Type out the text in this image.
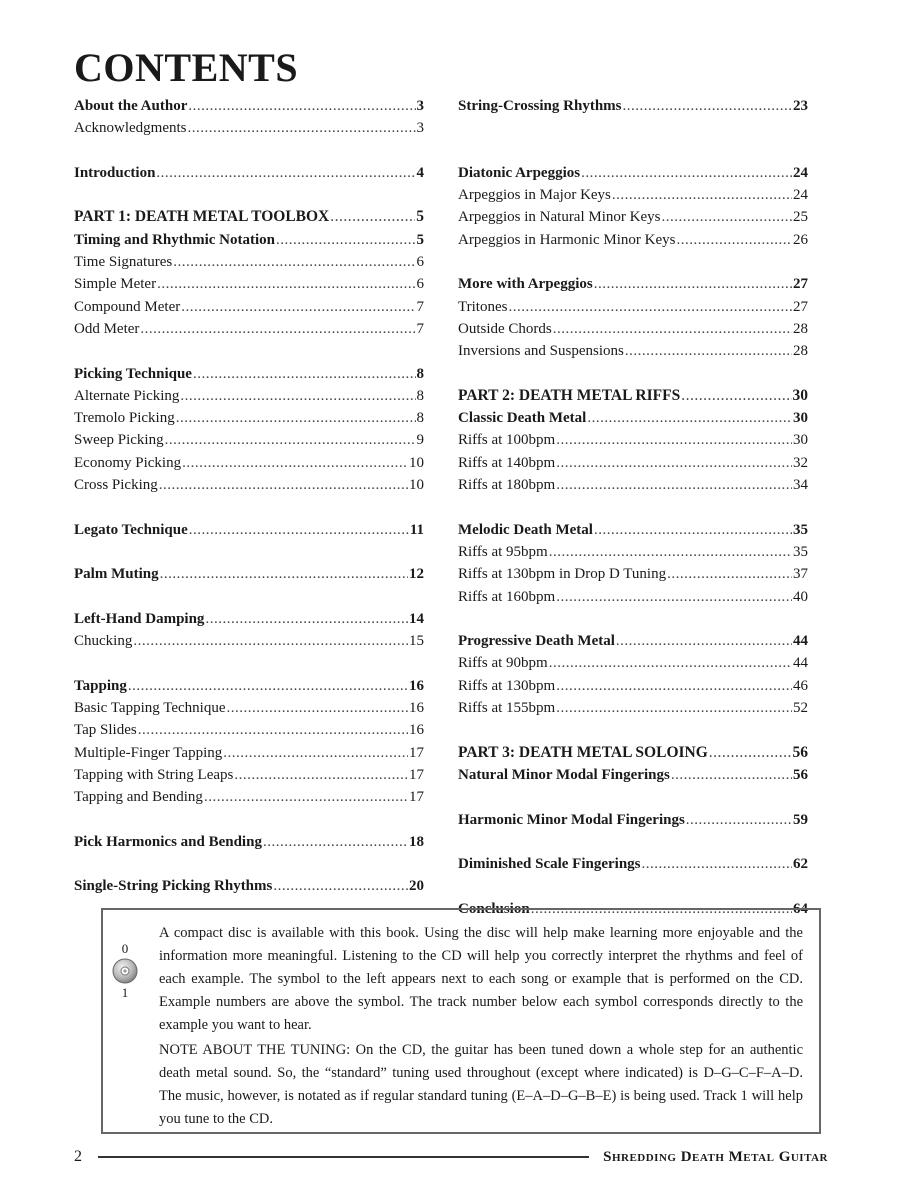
CONTENTS
About the Author .....	3
Acknowledgments .....	3
Introduction .....	4
PART 1: DEATH METAL TOOLBOX .....	5
Timing and Rhythmic Notation .....	5
Time Signatures .....	6
Simple Meter .....	6
Compound Meter .....	7
Odd Meter .....	7
Picking Technique .....	8
Alternate Picking .....	8
Tremolo Picking .....	8
Sweep Picking .....	9
Economy Picking .....	10
Cross Picking .....	10
Legato Technique .....	11
Palm Muting .....	12
Left-Hand Damping .....	14
Chucking .....	15
Tapping .....	16
Basic Tapping Technique .....	16
Tap Slides .....	16
Multiple-Finger Tapping .....	17
Tapping with String Leaps .....	17
Tapping and Bending .....	17
Pick Harmonics and Bending .....	18
Single-String Picking Rhythms .....	20
String-Crossing Rhythms .....	23
Diatonic Arpeggios .....	24
Arpeggios in Major Keys .....	24
Arpeggios in Natural Minor Keys .....	25
Arpeggios in Harmonic Minor Keys .....	26
More with Arpeggios .....	27
Tritones .....	27
Outside Chords .....	28
Inversions and Suspensions .....	28
PART 2: DEATH METAL RIFFS .....	30
Classic Death Metal .....	30
Riffs at 100bpm .....	30
Riffs at 140bpm .....	32
Riffs at 180bpm .....	34
Melodic Death Metal .....	35
Riffs at 95bpm .....	35
Riffs at 130bpm in Drop D Tuning .....	37
Riffs at 160bpm .....	40
Progressive Death Metal .....	44
Riffs at 90bpm .....	44
Riffs at 130bpm .....	46
Riffs at 155bpm .....	52
PART 3: DEATH METAL SOLOING .....	56
Natural Minor Modal Fingerings .....	56
Harmonic Minor Modal Fingerings .....	59
Diminished Scale Fingerings .....	62
Conclusion .....	64
0
1

A compact disc is available with this book. Using the disc will help make learning more enjoyable and the information more meaningful. Listening to the CD will help you correctly interpret the rhythms and feel of each example. The symbol to the left appears next to each song or example that is performed on the CD. Example numbers are above the symbol. The track number below each symbol corresponds directly to the example you want to hear.

NOTE ABOUT THE TUNING: On the CD, the guitar has been tuned down a whole step for an authentic death metal sound. So, the “standard” tuning used throughout (except where indicated) is D–G–C–F–A–D. The music, however, is notated as if regular standard tuning (E–A–D–G–B–E) is being used. Track 1 will help you tune to the CD.

2	Shredding Death Metal Guitar
